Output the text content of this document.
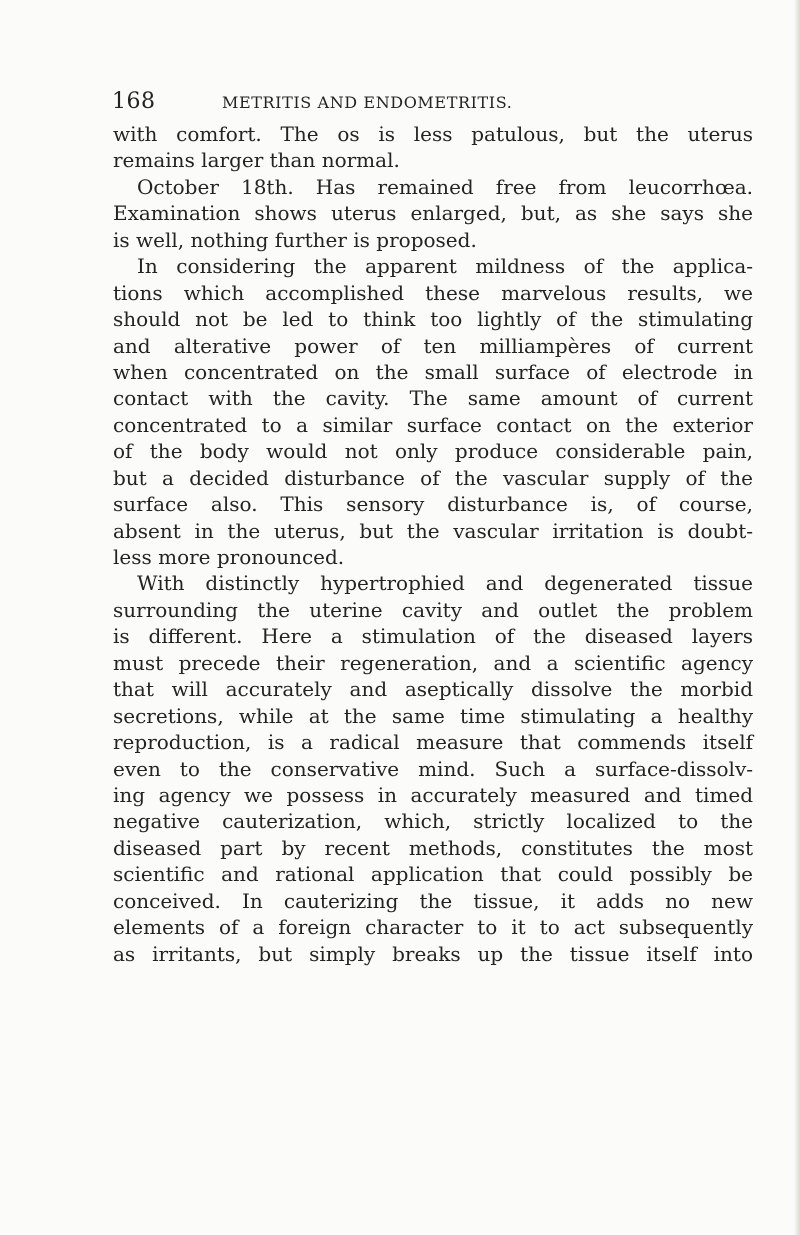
168	METRITIS AND ENDOMETRITIS.
with comfort. The os is less patulous, but the uterus
remains larger than normal.
October 18th. Has remained free from leucorrhœa.
Examination shows uterus enlarged, but, as she says she
is well, nothing further is proposed.
In considering the apparent mildness of the applica-
tions which accomplished these marvelous results, we
should not be led to think too lightly of the stimulating
and alterative power of ten milliampères of current
when concentrated on the small surface of electrode in
contact with the cavity. The same amount of current
concentrated to a similar surface contact on the exterior
of the body would not only produce considerable pain,
but a decided disturbance of the vascular supply of the
surface also. This sensory disturbance is, of course,
absent in the uterus, but the vascular irritation is doubt-
less more pronounced.
With distinctly hypertrophied and degenerated tissue
surrounding the uterine cavity and outlet the problem
is different. Here a stimulation of the diseased layers
must precede their regeneration, and a scientific agency
that will accurately and aseptically dissolve the morbid
secretions, while at the same time stimulating a healthy
reproduction, is a radical measure that commends itself
even to the conservative mind. Such a surface-dissolv-
ing agency we possess in accurately measured and timed
negative cauterization, which, strictly localized to the
diseased part by recent methods, constitutes the most
scientific and rational application that could possibly be
conceived. In cauterizing the tissue, it adds no new
elements of a foreign character to it to act subsequently
as irritants, but simply breaks up the tissue itself into
